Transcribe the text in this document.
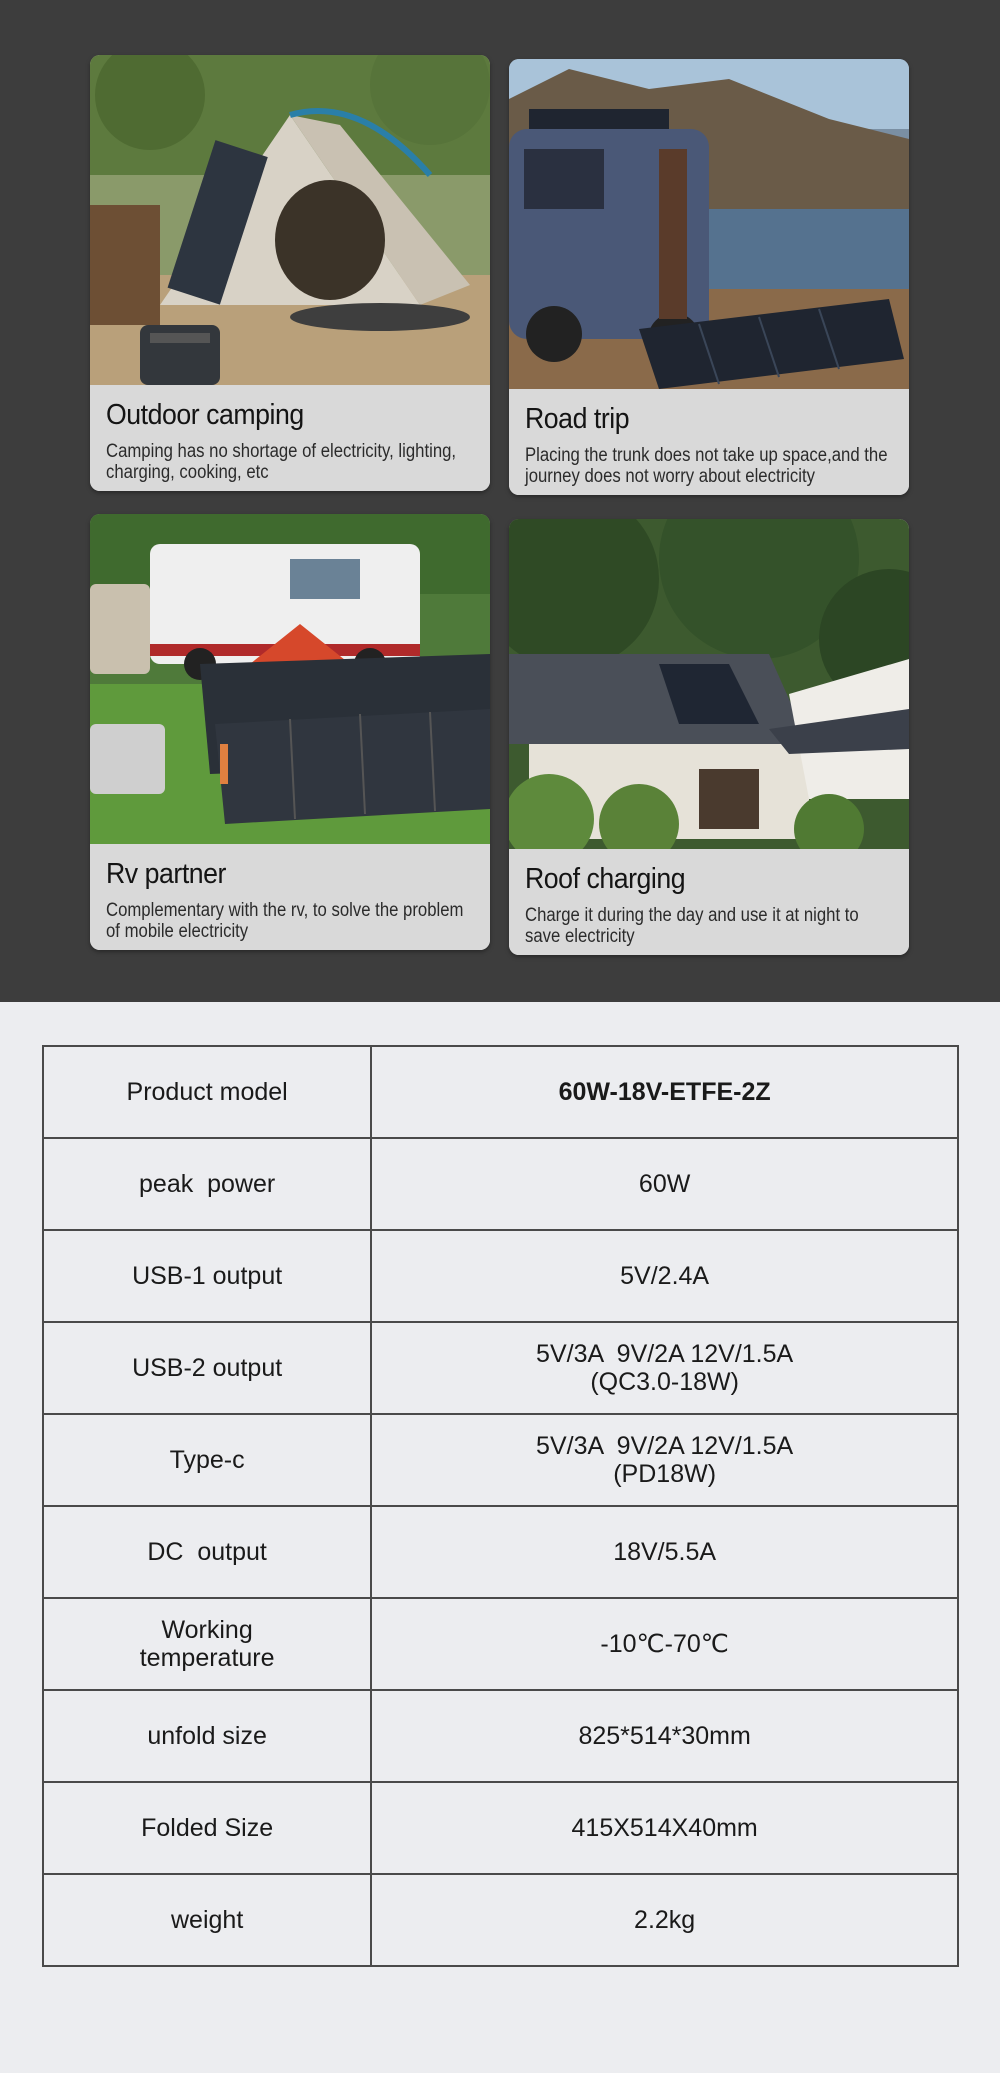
Outdoor camping
Camping has no shortage of electricity, lighting, charging, cooking, etc
Road trip
Placing the trunk does not take up space,and the journey does not worry about electricity
Rv partner
Complementary with the rv, to solve the problem of mobile electricity
Roof charging
Charge it during the day and use it at night to save electricity
Product model	60W-18V-ETFE-2Z
peak  power	60W
USB-1 output	5V/2.4A
USB-2 output	5V/3A  9V/2A 12V/1.5A
(QC3.0-18W)

Type-c	5V/3A  9V/2A 12V/1.5A
(PD18W)

DC  output	18V/5.5A

Working
temperature	-10℃-70℃
unfold size	825*514*30mm
Folded Size	415X514X40mm
weight	2.2kg
